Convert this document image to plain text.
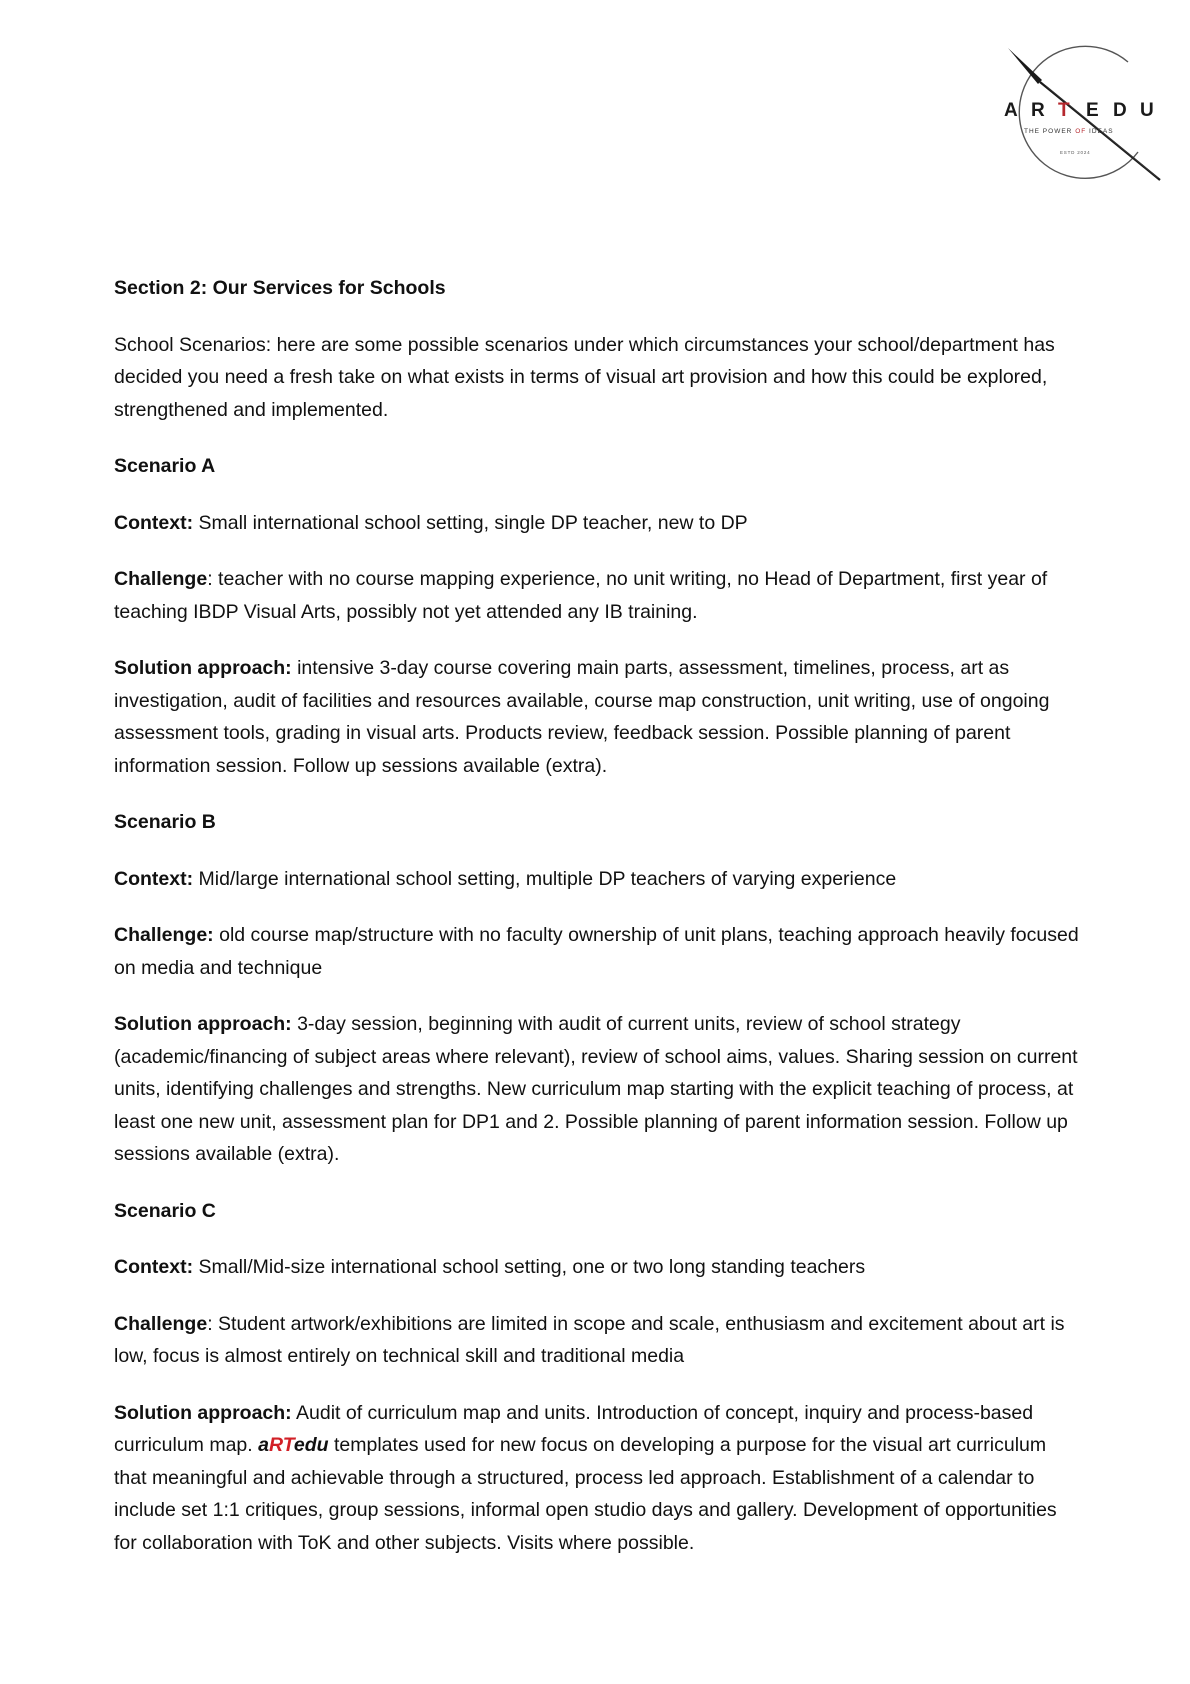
A R T E D U
THE POWER OF IDEAS
ESTD 2024

Section 2: Our Services for Schools

School Scenarios: here are some possible scenarios under which circumstances your school/department has decided you need a fresh take on what exists in terms of visual art provision and how this could be explored, strengthened and implemented.

Scenario A

Context: Small international school setting, single DP teacher, new to DP

Challenge: teacher with no course mapping experience, no unit writing, no Head of Department, first year of teaching IBDP Visual Arts, possibly not yet attended any IB training.

Solution approach: intensive 3-day course covering main parts, assessment, timelines, process, art as investigation, audit of facilities and resources available, course map construction, unit writing, use of ongoing assessment tools, grading in visual arts. Products review, feedback session. Possible planning of parent information session. Follow up sessions available (extra).

Scenario B

Context: Mid/large international school setting, multiple DP teachers of varying experience

Challenge: old course map/structure with no faculty ownership of unit plans, teaching approach heavily focused on media and technique

Solution approach: 3-day session, beginning with audit of current units, review of school strategy (academic/financing of subject areas where relevant), review of school aims, values. Sharing session on current units, identifying challenges and strengths. New curriculum map starting with the explicit teaching of process, at least one new unit, assessment plan for DP1 and 2. Possible planning of parent information session. Follow up sessions available (extra).

Scenario C

Context: Small/Mid-size international school setting, one or two long standing teachers

Challenge: Student artwork/exhibitions are limited in scope and scale, enthusiasm and excitement about art is low, focus is almost entirely on technical skill and traditional media

Solution approach: Audit of curriculum map and units. Introduction of concept, inquiry and process-based curriculum map. aRTedu templates used for new focus on developing a purpose for the visual art curriculum that meaningful and achievable through a structured, process led approach. Establishment of a calendar to include set 1:1 critiques, group sessions, informal open studio days and gallery. Development of opportunities for collaboration with ToK and other subjects. Visits where possible.
